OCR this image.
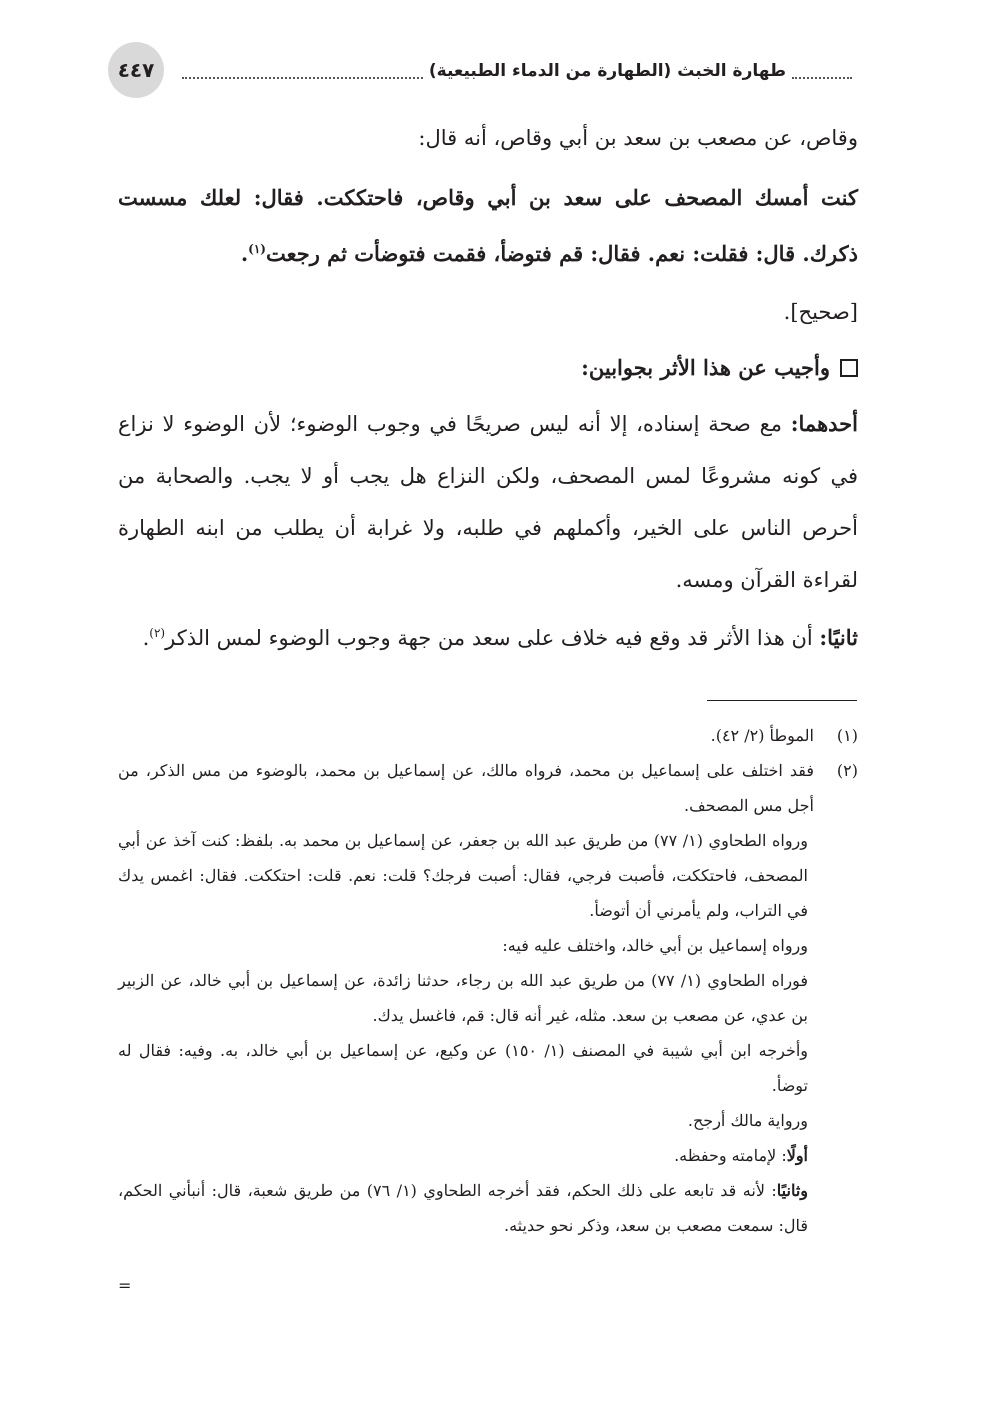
٤٤٧	طهارة الخبث (الطهارة من الدماء الطبيعية)

وقاص، عن مصعب بن سعد بن أبي وقاص، أنه قال:

كنت أمسك المصحف على سعد بن أبي وقاص، فاحتككت. فقال: لعلك مسست ذكرك. قال: فقلت: نعم. فقال: قم فتوضأ، فقمت فتوضأت ثم رجعت$^{(١)}$.

[صحيح].

وأجيب عن هذا الأثر بجوابين:

أحدهما: مع صحة إسناده، إلا أنه ليس صريحًا في وجوب الوضوء؛ لأن الوضوء لا نزاع في كونه مشروعًا لمس المصحف، ولكن النزاع هل يجب أو لا يجب. والصحابة من أحرص الناس على الخير، وأكملهم في طلبه، ولا غرابة أن يطلب من ابنه الطهارة لقراءة القرآن ومسه.

ثانيًا: أن هذا الأثر قد وقع فيه خلاف على سعد من جهة وجوب الوضوء لمس الذكر$^{(٢)}$.

(١)
الموطأ (٢/ ٤٢).
(٢)
فقد اختلف على إسماعيل بن محمد، فرواه مالك، عن إسماعيل بن محمد، بالوضوء من مس الذكر، من أجل مس المصحف.

ورواه الطحاوي (١/ ٧٧) من طريق عبد الله بن جعفر، عن إسماعيل بن محمد به. بلفظ: كنت آخذ عن أبي المصحف، فاحتككت، فأصبت فرجي، فقال: أصبت فرجك؟ قلت: نعم. قلت: احتككت. فقال: اغمس يدك في التراب، ولم يأمرني أن أتوضأ.

ورواه إسماعيل بن أبي خالد، واختلف عليه فيه:

فوراه الطحاوي (١/ ٧٧) من طريق عبد الله بن رجاء، حدثنا زائدة، عن إسماعيل بن أبي خالد، عن الزبير بن عدي، عن مصعب بن سعد. مثله، غير أنه قال: قم، فاغسل يدك.

وأخرجه ابن أبي شيبة في المصنف (١/ ١٥٠) عن وكيع، عن إسماعيل بن أبي خالد، به. وفيه: فقال له توضأ.

ورواية مالك أرجح.

أولًا: لإمامته وحفظه.

وثانيًا: لأنه قد تابعه على ذلك الحكم، فقد أخرجه الطحاوي (١/ ٧٦) من طريق شعبة، قال: أنبأني الحكم، قال: سمعت مصعب بن سعد، وذكر نحو حديثه.

=
